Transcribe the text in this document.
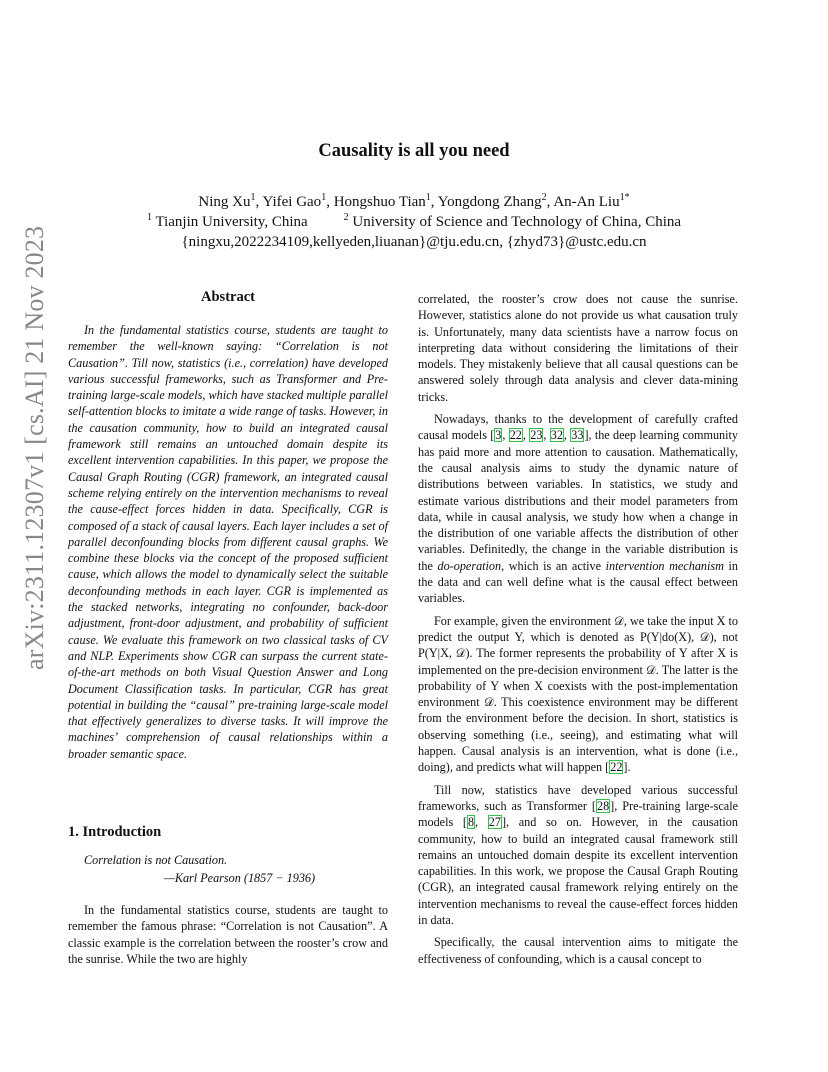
arXiv:2311.12307v1 [cs.AI] 21 Nov 2023
Causality is all you need
Ning Xu$^1$, Yifei Gao$^1$, Hongshuo Tian$^1$, Yongdong Zhang$^2$, An-An Liu$^{1*}$
$^1$ Tianjin University, China	$^2$ University of Science and Technology of China, China
{ningxu,2022234109,kellyeden,liuanan}@tju.edu.cn, {zhyd73}@ustc.edu.cn
Abstract

In the fundamental statistics course, students are taught to remember the well-known saying: “Correlation is not Causation”. Till now, statistics (i.e., correlation) have developed various successful frameworks, such as Transformer and Pre-training large-scale models, which have stacked multiple parallel self-attention blocks to imitate a wide range of tasks. However, in the causation community, how to build an integrated causal framework still remains an untouched domain despite its excellent intervention capabilities. In this paper, we propose the Causal Graph Routing (CGR) framework, an integrated causal scheme relying entirely on the intervention mechanisms to reveal the cause-effect forces hidden in data. Specifically, CGR is composed of a stack of causal layers. Each layer includes a set of parallel deconfounding blocks from different causal graphs. We combine these blocks via the concept of the proposed sufficient cause, which allows the model to dynamically select the suitable deconfounding methods in each layer. CGR is implemented as the stacked networks, integrating no confounder, back-door adjustment, front-door adjustment, and probability of sufficient cause. We evaluate this framework on two classical tasks of CV and NLP. Experiments show CGR can surpass the current state-of-the-art methods on both Visual Question Answer and Long Document Classification tasks. In particular, CGR has great potential in building the “causal” pre-training large-scale model that effectively generalizes to diverse tasks. It will improve the machines’ comprehension of causal relationships within a broader semantic space.

1. Introduction
Correlation is not Causation.
—Karl Pearson (1857 − 1936)

In the fundamental statistics course, students are taught to remember the famous phrase: “Correlation is not Causation”. A classic example is the correlation between the rooster’s crow and the sunrise. While the two are highly

correlated, the rooster’s crow does not cause the sunrise. However, statistics alone do not provide us what causation truly is. Unfortunately, many data scientists have a narrow focus on interpreting data without considering the limitations of their models. They mistakenly believe that all causal questions can be answered solely through data analysis and clever data-mining tricks.

Nowadays, thanks to the development of carefully crafted causal models [3, 22, 23, 32, 33], the deep learning community has paid more and more attention to causation. Mathematically, the causal analysis aims to study the dynamic nature of distributions between variables. In statistics, we study and estimate various distributions and their model parameters from data, while in causal analysis, we study how when a change in the distribution of one variable affects the distribution of other variables. Definitedly, the change in the variable distribution is the do-operation, which is an active intervention mechanism in the data and can well define what is the causal effect between variables.

For example, given the environment 𝒟, we take the input X to predict the output Y, which is denoted as P(Y|do(X), 𝒟), not P(Y|X, 𝒟). The former represents the probability of Y after X is implemented on the pre-decision environment 𝒟. The latter is the probability of Y when X coexists with the post-implementation environment 𝒟. This coexistence environment may be different from the environment before the decision. In short, statistics is observing something (i.e., seeing), and estimating what will happen. Causal analysis is an intervention, what is done (i.e., doing), and predicts what will happen [22].

Till now, statistics have developed various successful frameworks, such as Transformer [28], Pre-training large-scale models [8, 27], and so on. However, in the causation community, how to build an integrated causal framework still remains an untouched domain despite its excellent intervention capabilities. In this work, we propose the Causal Graph Routing (CGR), an integrated causal framework relying entirely on the intervention mechanisms to reveal the cause-effect forces hidden in data.

Specifically, the causal intervention aims to mitigate the effectiveness of confounding, which is a causal concept to
